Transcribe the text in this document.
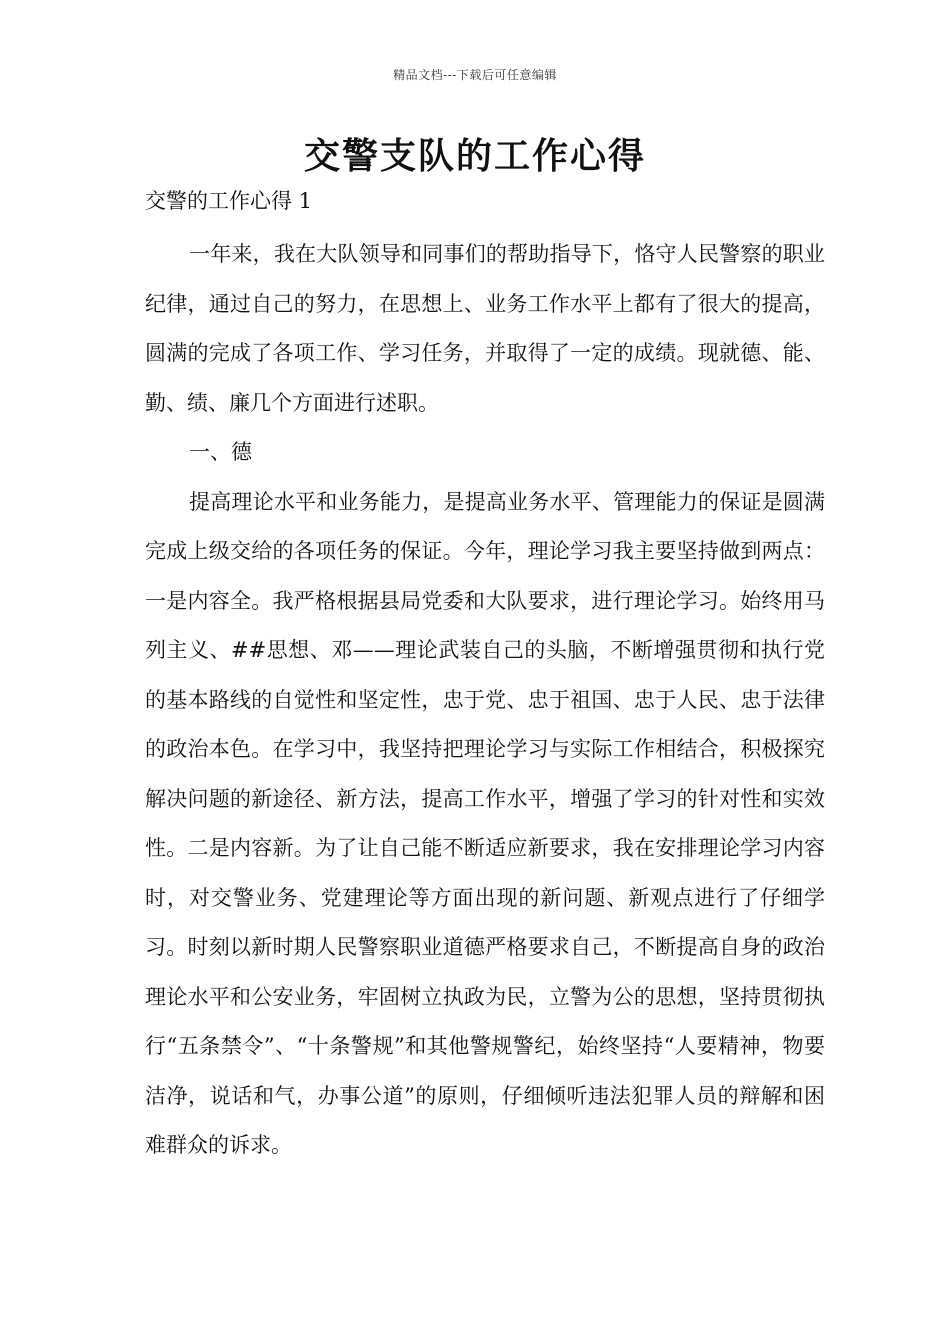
精品文档---下载后可任意编辑
交警支队的工作心得

交警的工作心得 1

一年来，我在大队领导和同事们的帮助指导下，恪守人民警察的职业纪律，通过自己的努力，在思想上、业务工作水平上都有了很大的提高，圆满的完成了各项工作、学习任务，并取得了一定的成绩。现就德、能、勤、绩、廉几个方面进行述职。

一、德

提高理论水平和业务能力，是提高业务水平、管理能力的保证是圆满完成上级交给的各项任务的保证。今年，理论学习我主要坚持做到两点：一是内容全。我严格根据县局党委和大队要求，进行理论学习。始终用马列主义、##思想、邓——理论武装自己的头脑，不断增强贯彻和执行党的基本路线的自觉性和坚定性，忠于党、忠于祖国、忠于人民、忠于法律的政治本色。在学习中，我坚持把理论学习与实际工作相结合，积极探究解决问题的新途径、新方法，提高工作水平，增强了学习的针对性和实效性。二是内容新。为了让自己能不断适应新要求，我在安排理论学习内容时，对交警业务、党建理论等方面出现的新问题、新观点进行了仔细学习。时刻以新时期人民警察职业道德严格要求自己，不断提高自身的政治理论水平和公安业务，牢固树立执政为民，立警为公的思想，坚持贯彻执行“五条禁令”、“十条警规”和其他警规警纪，始终坚持“人要精神，物要洁净，说话和气，办事公道”的原则，仔细倾听违法犯罪人员的辩解和困难群众的诉求。
